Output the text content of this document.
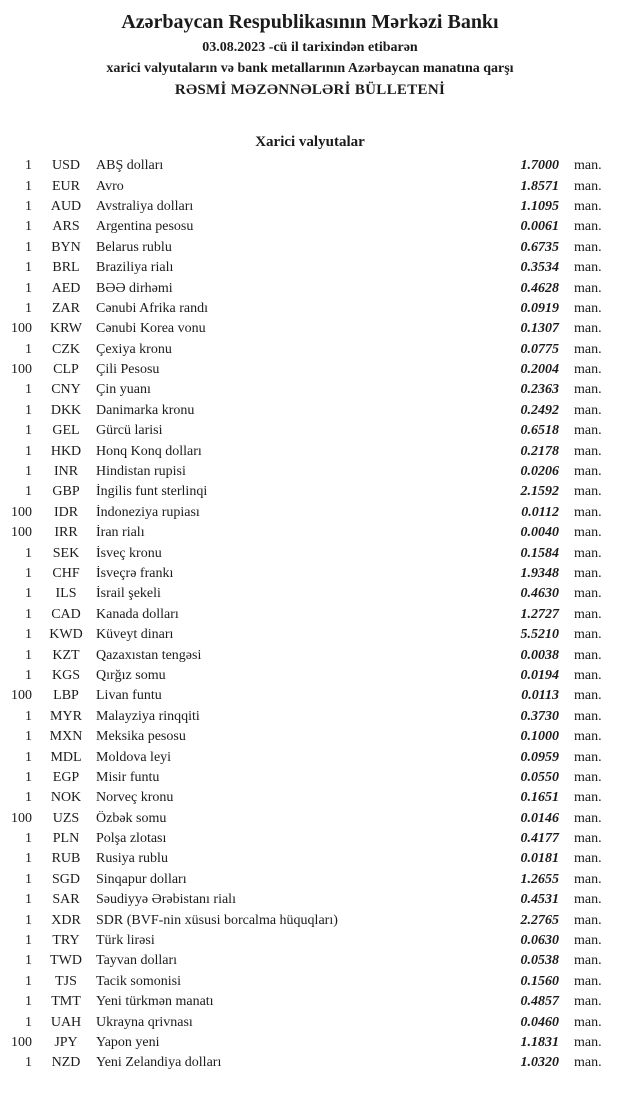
Azərbaycan Respublikasının Mərkəzi Bankı
03.08.2023 -cü il tarixindən etibarən
xarici valyutaların və bank metallarının Azərbaycan manatına qarşı
RƏSMİ MƏZƏNNƏLƏRİ BÜLLETENİ
Xarici valyutalar
1	USD	ABŞ dolları	1.7000 man.
1	EUR	Avro	1.8571 man.
1	AUD	Avstraliya dolları	1.1095 man.
1	ARS	Argentina pesosu	0.0061 man.
1	BYN	Belarus rublu	0.6735 man.
1	BRL	Braziliya rialı	0.3534 man.
1	AED	BƏƏ dirhəmi	0.4628 man.
1	ZAR	Cənubi Afrika randı	0.0919 man.
100	KRW	Cənubi Korea vonu	0.1307 man.
1	CZK	Çexiya kronu	0.0775 man.
100	CLP	Çili Pesosu	0.2004 man.
1	CNY	Çin yuanı	0.2363 man.
1	DKK	Danimarka kronu	0.2492 man.
1	GEL	Gürcü larisi	0.6518 man.
1	HKD	Honq Konq dolları	0.2178 man.
1	INR	Hindistan rupisi	0.0206 man.
1	GBP	İngilis funt sterlinqi	2.1592 man.
100	IDR	İndoneziya rupiası	0.0112 man.
100	IRR	İran rialı	0.0040 man.
1	SEK	İsveç kronu	0.1584 man.
1	CHF	İsveçrə frankı	1.9348 man.
1	ILS	İsrail şekeli	0.4630 man.
1	CAD	Kanada dolları	1.2727 man.
1	KWD Küveyt dinarı	5.5210 man.
1	KZT	Qazaxıstan tengəsi	0.0038 man.
1	KGS	Qırğız somu	0.0194 man.
100	LBP	Livan funtu	0.0113 man.
1	MYR	Malayziya rinqqiti	0.3730 man.
1	MXN Meksika pesosu	0.1000 man.
1	MDL	Moldova leyi	0.0959 man.
1	EGP	Misir funtu	0.0550 man.
1	NOK	Norveç kronu	0.1651 man.
100	UZS	Özbək somu	0.0146 man.
1	PLN	Polşa zlotası	0.4177 man.
1	RUB	Rusiya rublu	0.0181 man.
1	SGD	Sinqapur dolları	1.2655 man.
1	SAR	Səudiyyə Ərəbistanı rialı	0.4531 man.
1	XDR	SDR (BVF-nin xüsusi borcalma hüquqları)	2.2765 man.
1	TRY	Türk lirəsi	0.0630 man.
1	TWD	Tayvan dolları	0.0538 man.
1	TJS	Tacik somonisi	0.1560 man.
1	TMT	Yeni türkmən manatı	0.4857 man.
1	UAH	Ukrayna qrivnası	0.0460 man.
100	JPY	Yapon yeni	1.1831 man.
1	NZD	Yeni Zelandiya dolları	1.0320 man.
